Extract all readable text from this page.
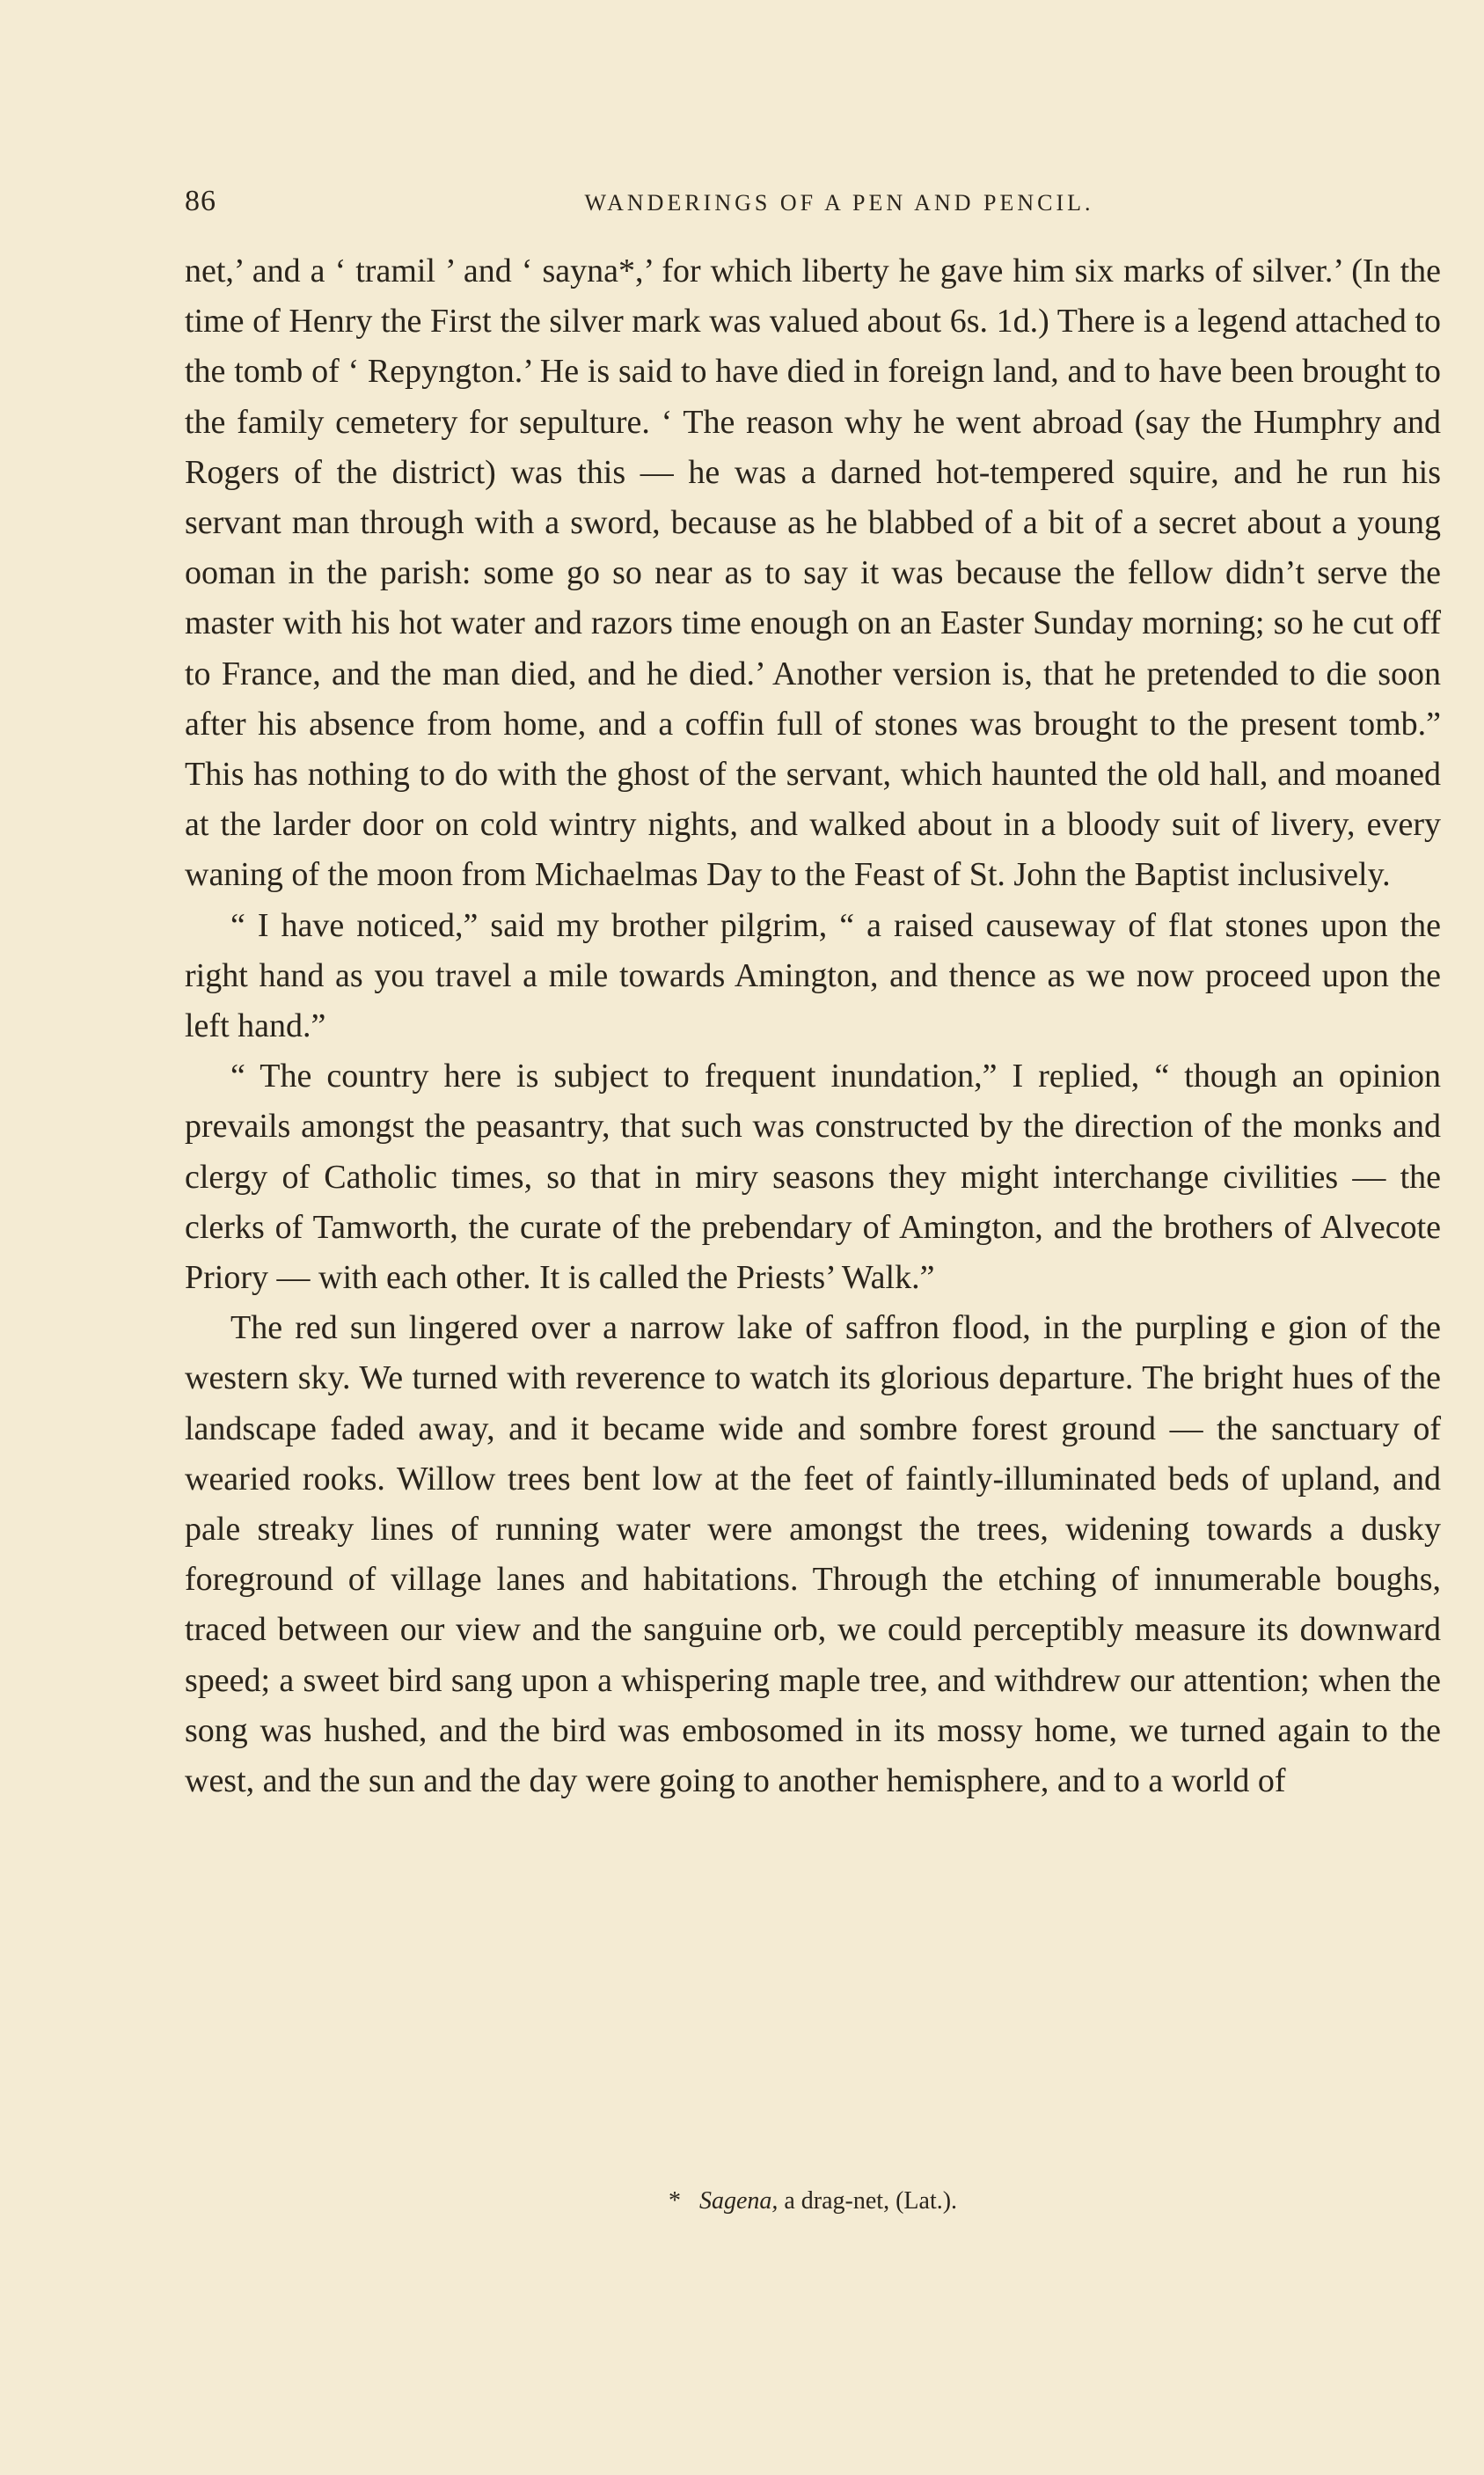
86	WANDERINGS OF A PEN AND PENCIL.

net,’ and a ‘ tramil ’ and ‘ sayna*,’ for which liberty he gave him six marks of silver.’ (In the time of Henry the First the silver mark was valued about 6s. 1d.) There is a legend attached to the tomb of ‘ Repyngton.’ He is said to have died in foreign land, and to have been brought to the family cemetery for sepulture. ‘ The reason why he went abroad (say the Humphry and Rogers of the district) was this — he was a darned hot-tempered squire, and he run his servant man through with a sword, because as he blabbed of a bit of a secret about a young ooman in the parish: some go so near as to say it was because the fellow didn’t serve the master with his hot water and razors time enough on an Easter Sunday morning; so he cut off to France, and the man died, and he died.’ Another version is, that he pretended to die soon after his absence from home, and a coffin full of stones was brought to the present tomb.” This has nothing to do with the ghost of the servant, which haunted the old hall, and moaned at the larder door on cold wintry nights, and walked about in a bloody suit of livery, every waning of the moon from Michaelmas Day to the Feast of St. John the Baptist inclusively.

“ I have noticed,” said my brother pilgrim, “ a raised causeway of flat stones upon the right hand as you travel a mile towards Amington, and thence as we now proceed upon the left hand.”

“ The country here is subject to frequent inundation,” I replied, “ though an opinion prevails amongst the peasantry, that such was constructed by the direction of the monks and clergy of Catholic times, so that in miry seasons they might interchange civilities — the clerks of Tamworth, the curate of the prebendary of Amington, and the brothers of Alvecote Priory — with each other. It is called the Priests’ Walk.”

The red sun lingered over a narrow lake of saffron flood, in the purpling e gion of the western sky. We turned with reverence to watch its glorious departure. The bright hues of the landscape faded away, and it became wide and sombre forest ground — the sanctuary of wearied rooks. Willow trees bent low at the feet of faintly-illuminated beds of upland, and pale streaky lines of running water were amongst the trees, widening towards a dusky foreground of village lanes and habitations. Through the etching of innumerable boughs, traced between our view and the sanguine orb, we could perceptibly measure its downward speed; a sweet bird sang upon a whispering maple tree, and withdrew our attention; when the song was hushed, and the bird was embosomed in its mossy home, we turned again to the west, and the sun and the day were going to another hemisphere, and to a world of

* Sagena, a drag-net, (Lat.).
